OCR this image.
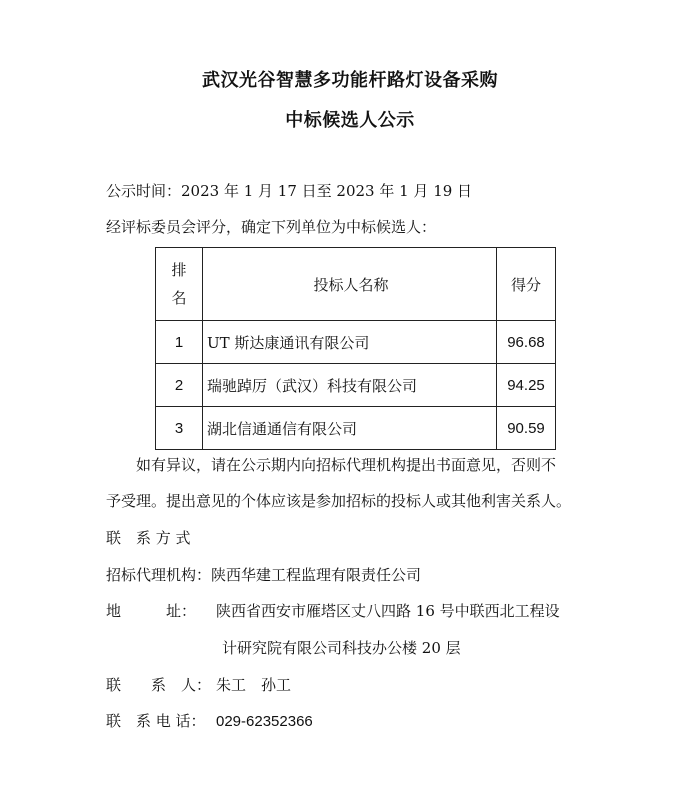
武汉光谷智慧多功能杆路灯设备采购
中标候选人公示
公示时间：2023 年 1 月 17 日至 2023 年 1 月 19 日
经评标委员会评分，确定下列单位为中标候选人：
排
名	投标人名称	得分
1	UT 斯达康通讯有限公司	96.68
2	瑞驰踔厉（武汉）科技有限公司	94.25
3	湖北信通通信有限公司	90.59
如有异议，请在公示期内向招标代理机构提出书面意见，否则不
予受理。提出意见的个体应该是参加招标的投标人或其他利害关系人。
联　系 方 式
招标代理机构：陕西华建工程监理有限责任公司
地　　　址： 陕西省西安市雁塔区丈八四路 16 号中联西北工程设
计研究院有限公司科技办公楼 20 层
联　　系　人： 朱工　孙工
联　系 电 话： 029-62352366
